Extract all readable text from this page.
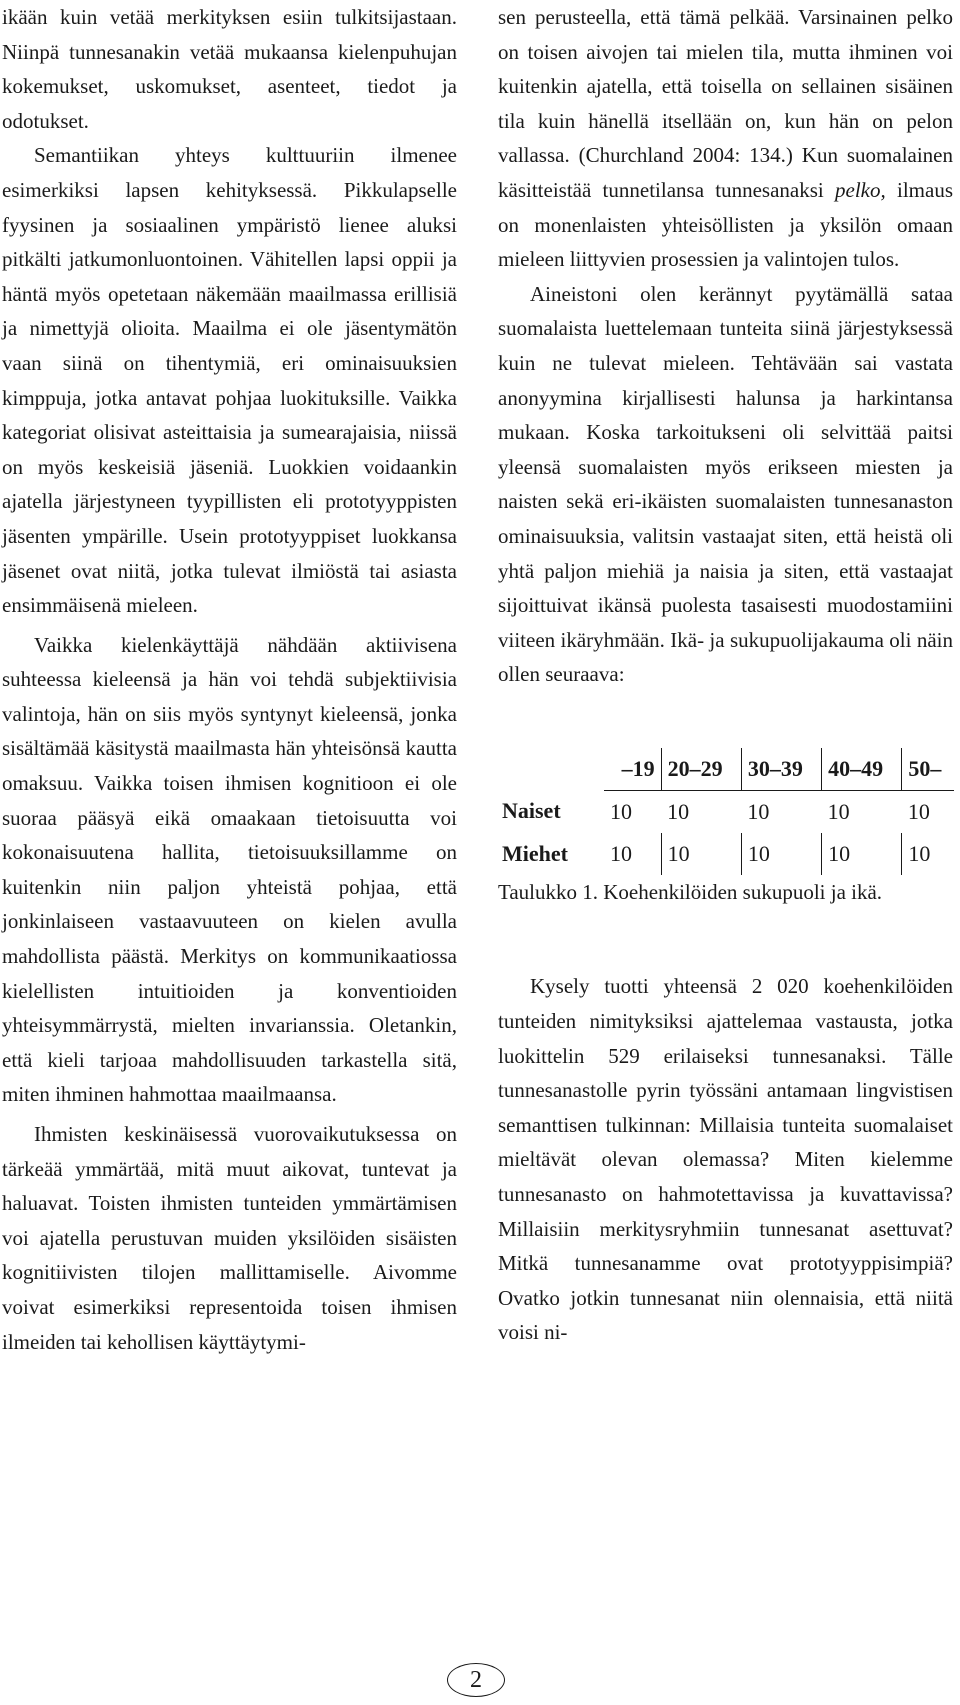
ikään kuin vetää merkityksen esiin tulkitsijastaan. Niinpä tunnesanakin vetää mukaansa kielenpuhujan kokemukset, uskomukset, asenteet, tiedot ja odotukset.

Semantiikan yhteys kulttuuriin ilmenee esimerkiksi lapsen kehityksessä. Pikkulapselle fyysinen ja sosiaalinen ympäristö lienee aluksi pitkälti jatkumonluontoinen. Vähitellen lapsi oppii ja häntä myös opetetaan näkemään maailmassa erillisiä ja nimettyjä olioita. Maailma ei ole jäsentymätön vaan siinä on tihentymiä, eri ominaisuuksien kimppuja, jotka antavat pohjaa luokituksille. Vaikka kategoriat olisivat asteittaisia ja sumearajaisia, niissä on myös keskeisiä jäseniä. Luokkien voidaankin ajatella järjestyneen tyypillisten eli prototyyppisten jäsenten ympärille. Usein prototyyppiset luokkansa jäsenet ovat niitä, jotka tulevat ilmiöstä tai asiasta ensimmäisenä mieleen.

Vaikka kielenkäyttäjä nähdään aktiivisena suhteessa kieleensä ja hän voi tehdä subjektiivisia valintoja, hän on siis myös syntynyt kieleensä, jonka sisältämää käsitystä maailmasta hän yhteisönsä kautta omaksuu. Vaikka toisen ihmisen kognitioon ei ole suoraa pääsyä eikä omaakaan tietoisuutta voi kokonaisuutena hallita, tietoisuuksillamme on kuitenkin niin paljon yhteistä pohjaa, että jonkinlaiseen vastaavuuteen on kielen avulla mahdollista päästä. Merkitys on kommunikaatiossa kielellisten intuitioiden ja konventioiden yhteisymmärrystä, mielten invarianssia. Oletankin, että kieli tarjoaa mahdollisuuden tarkastella sitä, miten ihminen hahmottaa maailmaansa.

Ihmisten keskinäisessä vuorovaikutuksessa on tärkeää ymmärtää, mitä muut aikovat, tuntevat ja haluavat. Toisten ihmisten tunteiden ymmärtämisen voi ajatella perustuvan muiden yksilöiden sisäisten kognitiivisten tilojen mallittamiselle. Aivomme voivat esimerkiksi representoida toisen ihmisen ilmeiden tai kehollisen käyttäytymi-

sen perusteella, että tämä pelkää. Varsinainen pelko on toisen aivojen tai mielen tila, mutta ihminen voi kuitenkin ajatella, että toisella on sellainen sisäinen tila kuin hänellä itsellään on, kun hän on pelon vallassa. (Churchland 2004: 134.) Kun suomalainen käsitteistää tunnetilansa tunnesanaksi pelko, ilmaus on monenlaisten yhteisöllisten ja yksilön omaan mieleen liittyvien prosessien ja valintojen tulos.

Aineistoni olen kerännyt pyytämällä sataa suomalaista luettelemaan tunteita siinä järjestyksessä kuin ne tulevat mieleen. Tehtävään sai vastata anonyymina kirjallisesti halunsa ja harkintansa mukaan. Koska tarkoitukseni oli selvittää paitsi yleensä suomalaisten myös erikseen miesten ja naisten sekä eri-ikäisten suomalaisten tunnesanaston ominaisuuksia, valitsin vastaajat siten, että heistä oli yhtä paljon miehiä ja naisia ja siten, että vastaajat sijoittuivat ikänsä puolesta tasaisesti muodostamiini viiteen ikäryhmään. Ikä- ja sukupuolijakauma oli näin ollen seuraava:

	–19	20–29	30–39	40–49	50–
Naiset	10	10	10	10	10
Miehet	10	10	10	10	10

Taulukko 1. Koehenkilöiden sukupuoli ja ikä.

Kysely tuotti yhteensä 2 020 koehenkilöiden tunteiden nimityksiksi ajattelemaa vastausta, jotka luokittelin 529 erilaiseksi tunnesanaksi. Tälle tunnesanastolle pyrin työssäni antamaan lingvistisen semanttisen tulkinnan: Millaisia tunteita suomalaiset mieltävät olevan olemassa? Miten kielemme tunnesanasto on hahmotettavissa ja kuvattavissa? Millaisiin merkitysryhmiin tunnesanat asettuvat? Mitkä tunnesanamme ovat prototyyppisimpiä? Ovatko jotkin tunnesanat niin olennaisia, että niitä voisi ni-

2
